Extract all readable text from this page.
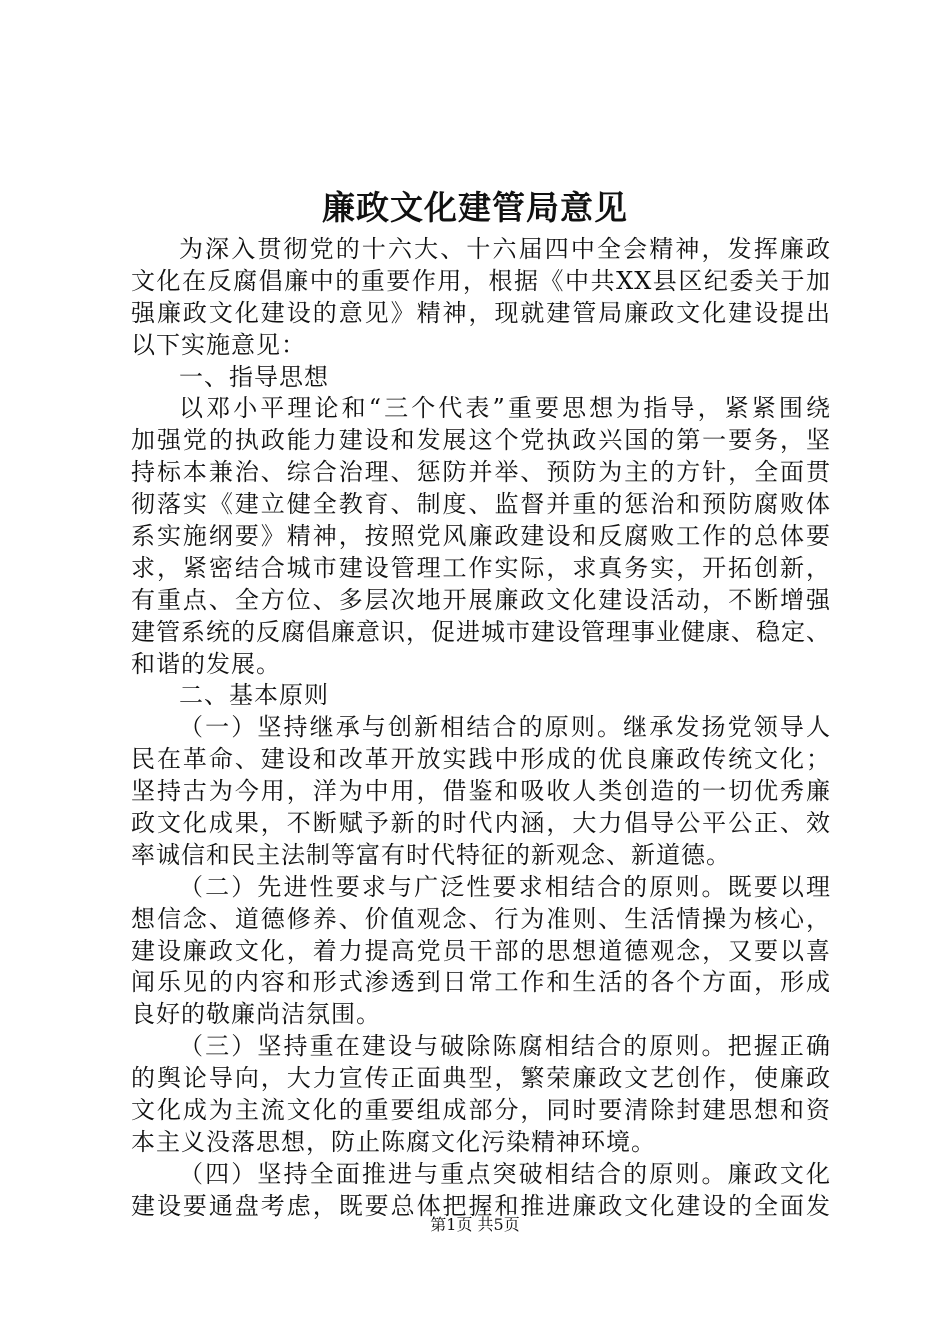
廉政文化建管局意见
为深入贯彻党的十六大、十六届四中全会精神，发挥廉政
文化在反腐倡廉中的重要作用，根据《中共XX县区纪委关于加
强廉政文化建设的意见》精神，现就建管局廉政文化建设提出
以下实施意见：
一、指导思想
以邓小平理论和“三个代表”重要思想为指导，紧紧围绕
加强党的执政能力建设和发展这个党执政兴国的第一要务，坚
持标本兼治、综合治理、惩防并举、预防为主的方针，全面贯
彻落实《建立健全教育、制度、监督并重的惩治和预防腐败体
系实施纲要》精神，按照党风廉政建设和反腐败工作的总体要
求，紧密结合城市建设管理工作实际，求真务实，开拓创新，
有重点、全方位、多层次地开展廉政文化建设活动，不断增强
建管系统的反腐倡廉意识，促进城市建设管理事业健康、稳定、
和谐的发展。
二、基本原则
（一）坚持继承与创新相结合的原则。继承发扬党领导人
民在革命、建设和改革开放实践中形成的优良廉政传统文化；
坚持古为今用，洋为中用，借鉴和吸收人类创造的一切优秀廉
政文化成果，不断赋予新的时代内涵，大力倡导公平公正、效
率诚信和民主法制等富有时代特征的新观念、新道德。
（二）先进性要求与广泛性要求相结合的原则。既要以理
想信念、道德修养、价值观念、行为准则、生活情操为核心，
建设廉政文化，着力提高党员干部的思想道德观念，又要以喜
闻乐见的内容和形式渗透到日常工作和生活的各个方面，形成
良好的敬廉尚洁氛围。
（三）坚持重在建设与破除陈腐相结合的原则。把握正确
的舆论导向，大力宣传正面典型，繁荣廉政文艺创作，使廉政
文化成为主流文化的重要组成部分，同时要清除封建思想和资
本主义没落思想，防止陈腐文化污染精神环境。
（四）坚持全面推进与重点突破相结合的原则。廉政文化
建设要通盘考虑，既要总体把握和推进廉政文化建设的全面发
第1页 共5页
